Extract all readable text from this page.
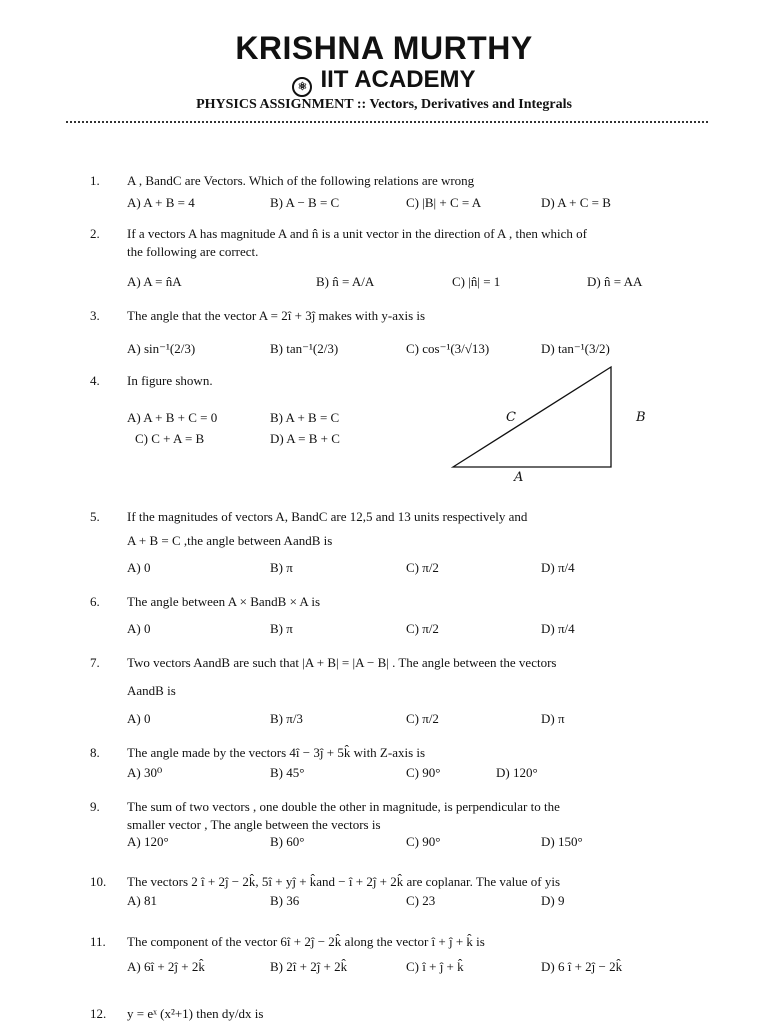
KRISHNA MURTHY
⚛ IIT ACADEMY
PHYSICS ASSIGNMENT :: Vectors, Derivatives and Integrals
1. A , BandC are Vectors. Which of the following relations are wrong
A) A + B = 4	B) A − B = C	C) |B| + C = A	D) A + C = B
2. If a vectors A has magnitude A and n̂ is a unit vector in the direction of A , then which of
the following are correct.
A) A = n̂A	B) n̂ = A/A	C) |n̂| = 1	D) n̂ = AA
3. The angle that the vector A = 2î + 3ĵ makes with y-axis is
A) sin⁻¹(2/3)	B) tan⁻¹(2/3)	C) cos⁻¹(3/√13)	D) tan⁻¹(3/2)
4. In figure shown.
A) A + B + C = 0	B) A + B = C
C) C + A = B	D) A = B + C
C	B
A
5. If the magnitudes of vectors A, BandC are 12,5 and 13 units respectively and
A + B = C ,the angle between AandB is
A) 0	B) π	C) π/2	D) π/4
6. The angle between A × BandB × A is
A) 0	B) π	C) π/2	D) π/4
7. Two vectors AandB are such that |A + B| = |A − B| . The angle between the vectors
AandB is
A) 0	B) π/3	C) π/2	D) π
8. The angle made by the vectors 4î − 3ĵ + 5k̂ with Z-axis is
A) 30⁰	B) 45°	C) 90°	D) 120°
9. The sum of two vectors , one double the other in magnitude, is perpendicular to the
smaller vector , The angle between the vectors is
A) 120°	B) 60°	C) 90°	D) 150°
10. The vectors 2 î + 2ĵ − 2k̂, 5î + yĵ + k̂and − î + 2ĵ + 2k̂ are coplanar. The value of yis
A) 81	B) 36	C) 23	D) 9
11. The component of the vector 6î + 2ĵ − 2k̂ along the vector î + ĵ + k̂ is
A) 6î + 2ĵ + 2k̂	B) 2î + 2ĵ + 2k̂	C) î + ĵ + k̂	D) 6 î + 2ĵ − 2k̂
12. y = eˣ (x²+1) then dy/dx is
